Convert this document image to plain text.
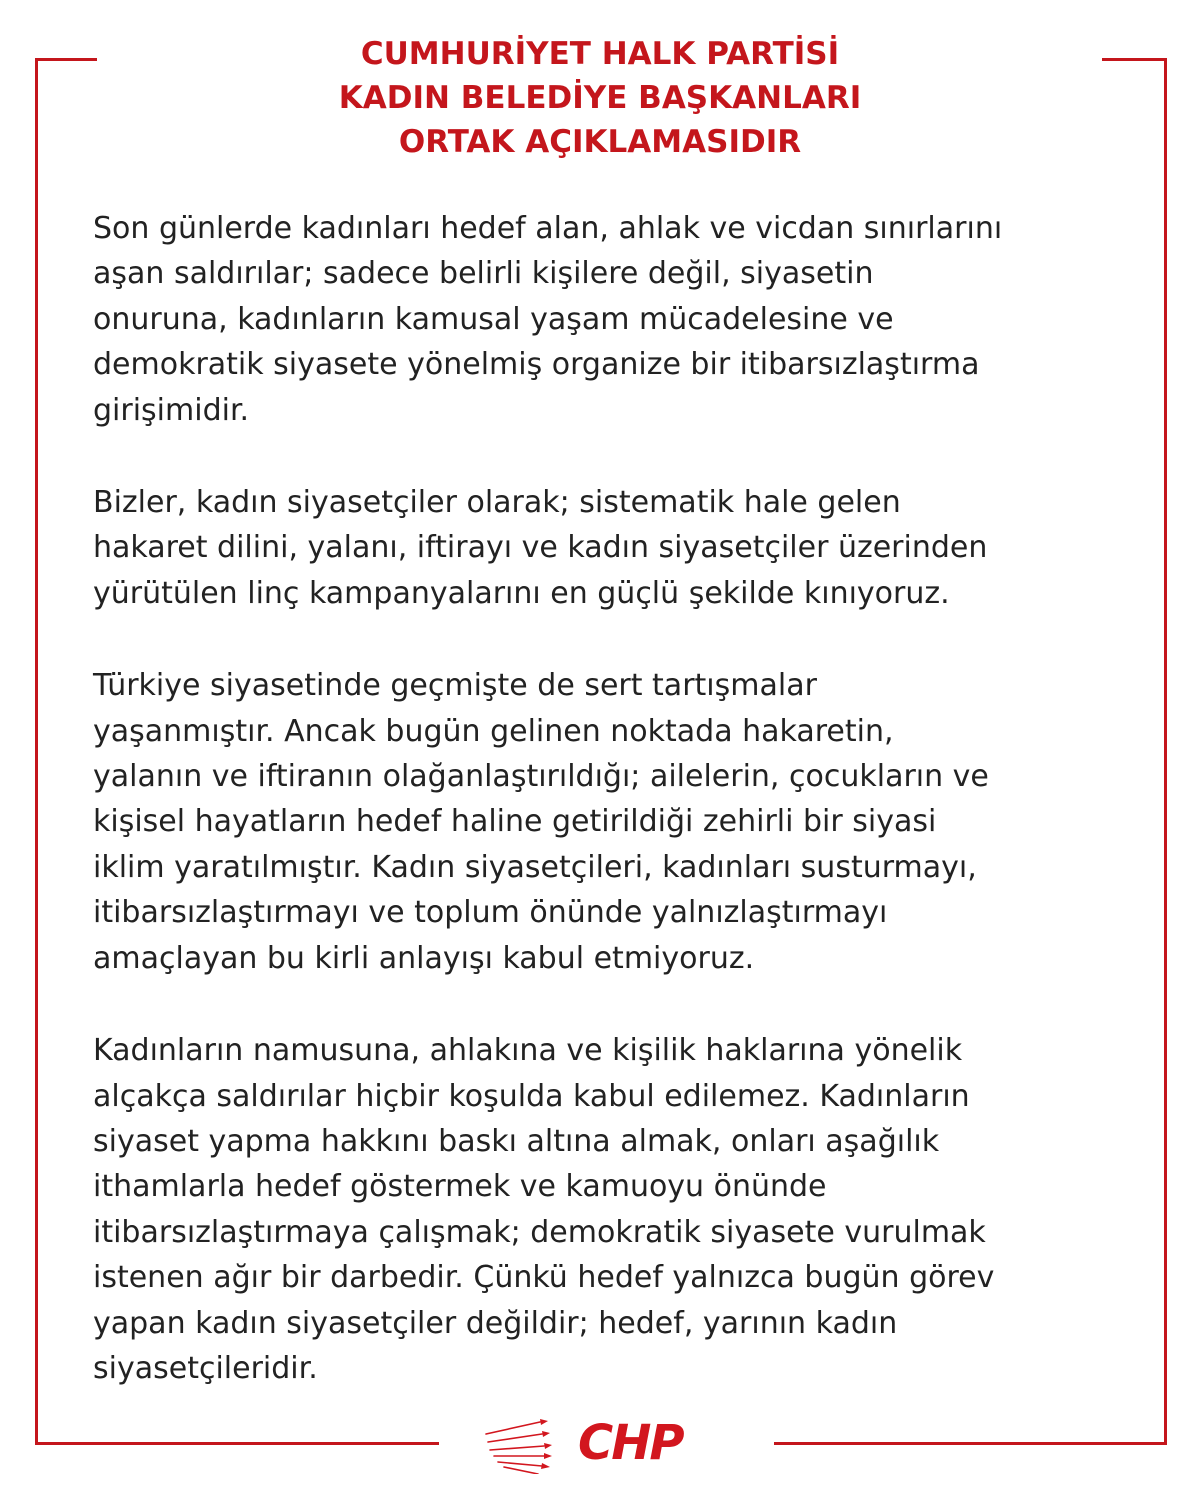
CUMHURİYET HALK PARTİSİ
KADIN BELEDİYE BAŞKANLARI
ORTAK AÇIKLAMASIDIR

Son günlerde kadınları hedef alan, ahlak ve vicdan sınırlarını
aşan saldırılar; sadece belirli kişilere değil, siyasetin
onuruna, kadınların kamusal yaşam mücadelesine ve
demokratik siyasete yönelmiş organize bir itibarsızlaştırma
girişimidir.

Bizler, kadın siyasetçiler olarak; sistematik hale gelen
hakaret dilini, yalanı, iftirayı ve kadın siyasetçiler üzerinden
yürütülen linç kampanyalarını en güçlü şekilde kınıyoruz.

Türkiye siyasetinde geçmişte de sert tartışmalar
yaşanmıştır. Ancak bugün gelinen noktada hakaretin,
yalanın ve iftiranın olağanlaştırıldığı; ailelerin, çocukların ve
kişisel hayatların hedef haline getirildiği zehirli bir siyasi
iklim yaratılmıştır. Kadın siyasetçileri, kadınları susturmayı,
itibarsızlaştırmayı ve toplum önünde yalnızlaştırmayı
amaçlayan bu kirli anlayışı kabul etmiyoruz.

Kadınların namusuna, ahlakına ve kişilik haklarına yönelik
alçakça saldırılar hiçbir koşulda kabul edilemez. Kadınların
siyaset yapma hakkını baskı altına almak, onları aşağılık
ithamlarla hedef göstermek ve kamuoyu önünde
itibarsızlaştırmaya çalışmak; demokratik siyasete vurulmak
istenen ağır bir darbedir. Çünkü hedef yalnızca bugün görev
yapan kadın siyasetçiler değildir; hedef, yarının kadın
siyasetçileridir.

CHP
